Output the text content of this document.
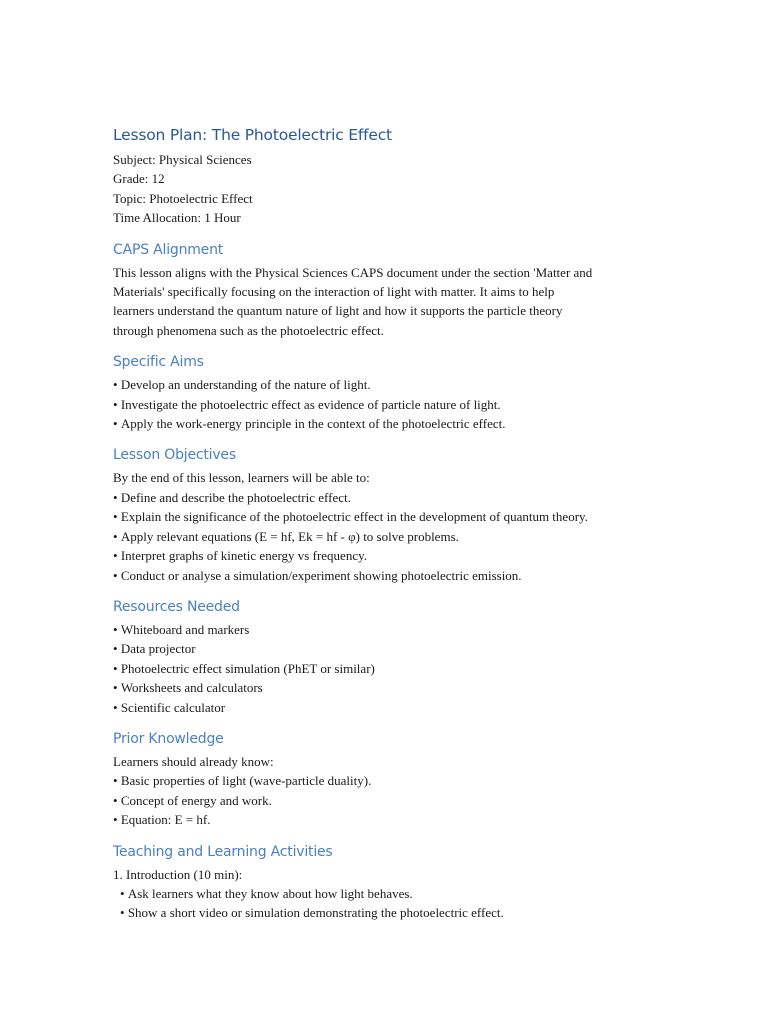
Lesson Plan: The Photoelectric Effect
Subject: Physical Sciences
Grade: 12
Topic: Photoelectric Effect
Time Allocation: 1 Hour
CAPS Alignment
This lesson aligns with the Physical Sciences CAPS document under the section 'Matter and
Materials' specifically focusing on the interaction of light with matter. It aims to help
learners understand the quantum nature of light and how it supports the particle theory
through phenomena such as the photoelectric effect.
Specific Aims
• Develop an understanding of the nature of light.
• Investigate the photoelectric effect as evidence of particle nature of light.
• Apply the work-energy principle in the context of the photoelectric effect.
Lesson Objectives
By the end of this lesson, learners will be able to:
• Define and describe the photoelectric effect.
• Explain the significance of the photoelectric effect in the development of quantum theory.
• Apply relevant equations (E = hf, Ek = hf - φ) to solve problems.
• Interpret graphs of kinetic energy vs frequency.
• Conduct or analyse a simulation/experiment showing photoelectric emission.
Resources Needed
• Whiteboard and markers
• Data projector
• Photoelectric effect simulation (PhET or similar)
• Worksheets and calculators
• Scientific calculator
Prior Knowledge
Learners should already know:
• Basic properties of light (wave-particle duality).
• Concept of energy and work.
• Equation: E = hf.
Teaching and Learning Activities
1. Introduction (10 min):
• Ask learners what they know about how light behaves.
• Show a short video or simulation demonstrating the photoelectric effect.
